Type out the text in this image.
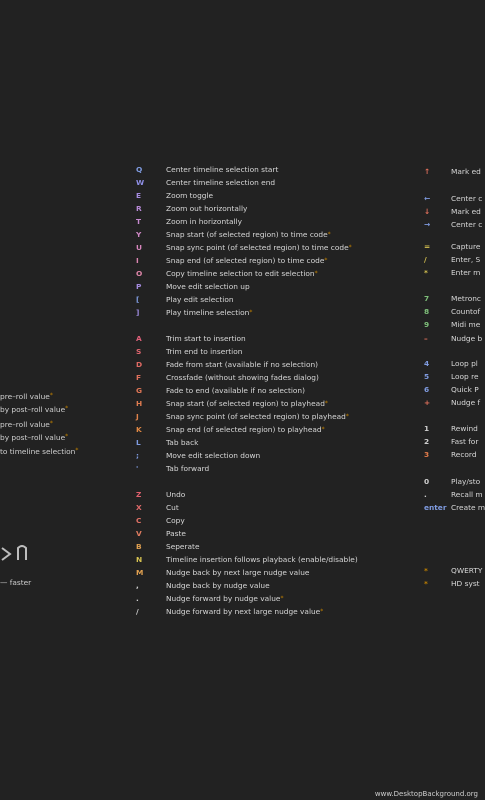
— faster
www.DesktopBackground.org
Q	Center timeline selection start
W	Center timeline selection end
E	Zoom toggle
R	Zoom out horizontally
T	Zoom in horizontally
Y	Snap start (of selected region) to time code*
U	Snap sync point (of selected region) to time code*
I	Snap end (of selected region) to time code*
O	Copy timeline selection to edit selection*
P	Move edit selection up
[	Play edit selection
]	Play timeline selection*
A	Trim start to insertion
S	Trim end to insertion
D	Fade from start (available if no selection)
F	Crossfade (without showing fades dialog)
G	Fade to end (available if no selection)
H	Snap start (of selected region) to playhead*
J	Snap sync point (of selected region) to playhead*
K	Snap end (of selected region) to playhead*
L	Tab back
;	Move edit selection down
'	Tab forward
Z	Undo
X	Cut
C	Copy
V	Paste
B	Seperate
N	Timeline insertion follows playback (enable/disable)
M	Nudge back by next large nudge value
,	Nudge back by nudge value
.	Nudge forward by nudge value*
/	Nudge forward by next large nudge value*
↑	Mark ed
←	Center c
↓	Mark ed
→	Center c
=	Capture
/	Enter, S
*	Enter m
7	Metronc
8	Countof
9	Midi me
–	Nudge b
4	Loop pl
5	Loop re
6	Quick P
+	Nudge f
1	Rewind
2	Fast for
3	Record
0	Play/sto
.	Recall m
enter Create m
*	QWERTY
*	HD syst
pre–roll value*
by post–roll value*
pre–roll value*
by post–roll value*
to timeline selection*
